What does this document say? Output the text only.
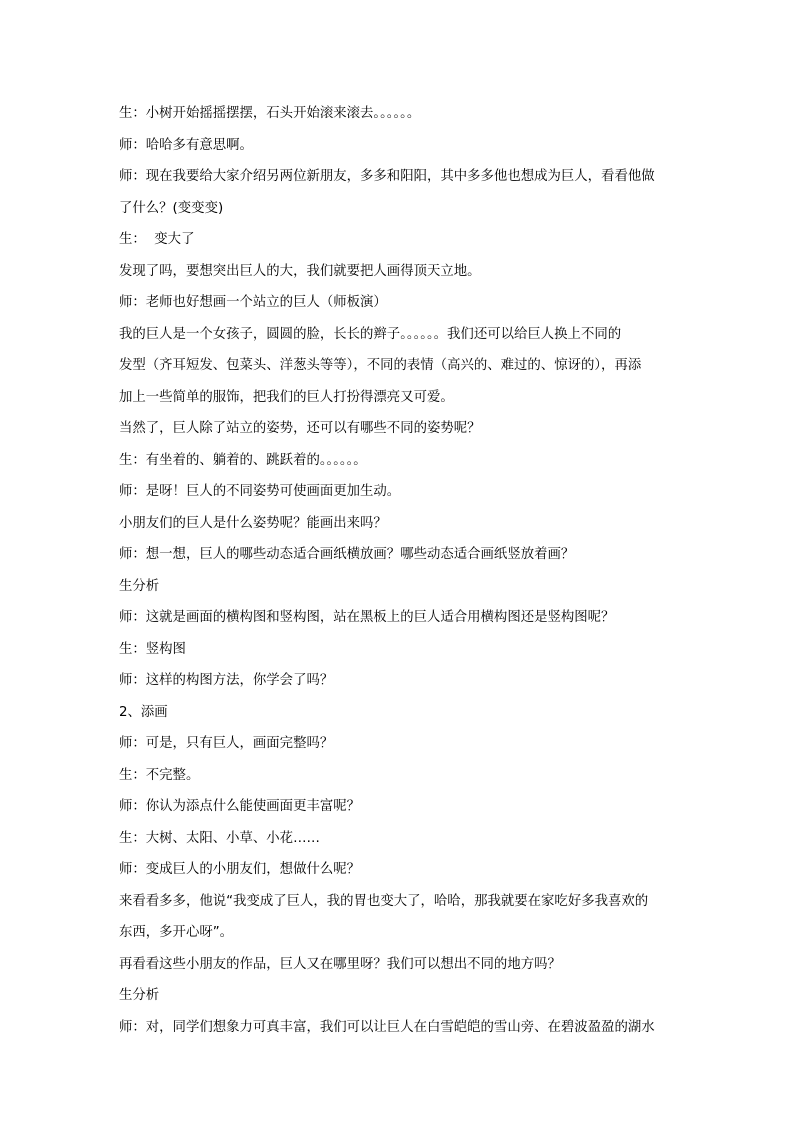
生：小树开始摇摇摆摆，石头开始滚来滚去。。。。。。
师：哈哈多有意思啊。
师：现在我要给大家介绍另两位新朋友，多多和阳阳，其中多多他也想成为巨人，看看他做
了什么？(变变变)
生：  变大了
发现了吗，要想突出巨人的大，我们就要把人画得顶天立地。
师：老师也好想画一个站立的巨人（师板演）
我的巨人是一个女孩子，圆圆的脸，长长的辫子。。。。。。我们还可以给巨人换上不同的
发型（齐耳短发、包菜头、洋葱头等等），不同的表情（高兴的、难过的、惊讶的），再添
加上一些简单的服饰，把我们的巨人打扮得漂亮又可爱。
当然了，巨人除了站立的姿势，还可以有哪些不同的姿势呢？
生：有坐着的、躺着的、跳跃着的。。。。。。
师：是呀！巨人的不同姿势可使画面更加生动。
小朋友们的巨人是什么姿势呢？能画出来吗？
师：想一想，巨人的哪些动态适合画纸横放画？哪些动态适合画纸竖放着画？
生分析
师：这就是画面的横构图和竖构图，站在黑板上的巨人适合用横构图还是竖构图呢？
生：竖构图
师：这样的构图方法，你学会了吗？
2、添画
师：可是，只有巨人，画面完整吗？
生：不完整。
师：你认为添点什么能使画面更丰富呢？
生：大树、太阳、小草、小花……
师：变成巨人的小朋友们，想做什么呢？
来看看多多，他说“我变成了巨人，我的胃也变大了，哈哈，那我就要在家吃好多我喜欢的
东西，多开心呀”。
再看看这些小朋友的作品，巨人又在哪里呀？我们可以想出不同的地方吗？
生分析
师：对，同学们想象力可真丰富，我们可以让巨人在白雪皑皑的雪山旁、在碧波盈盈的湖水
